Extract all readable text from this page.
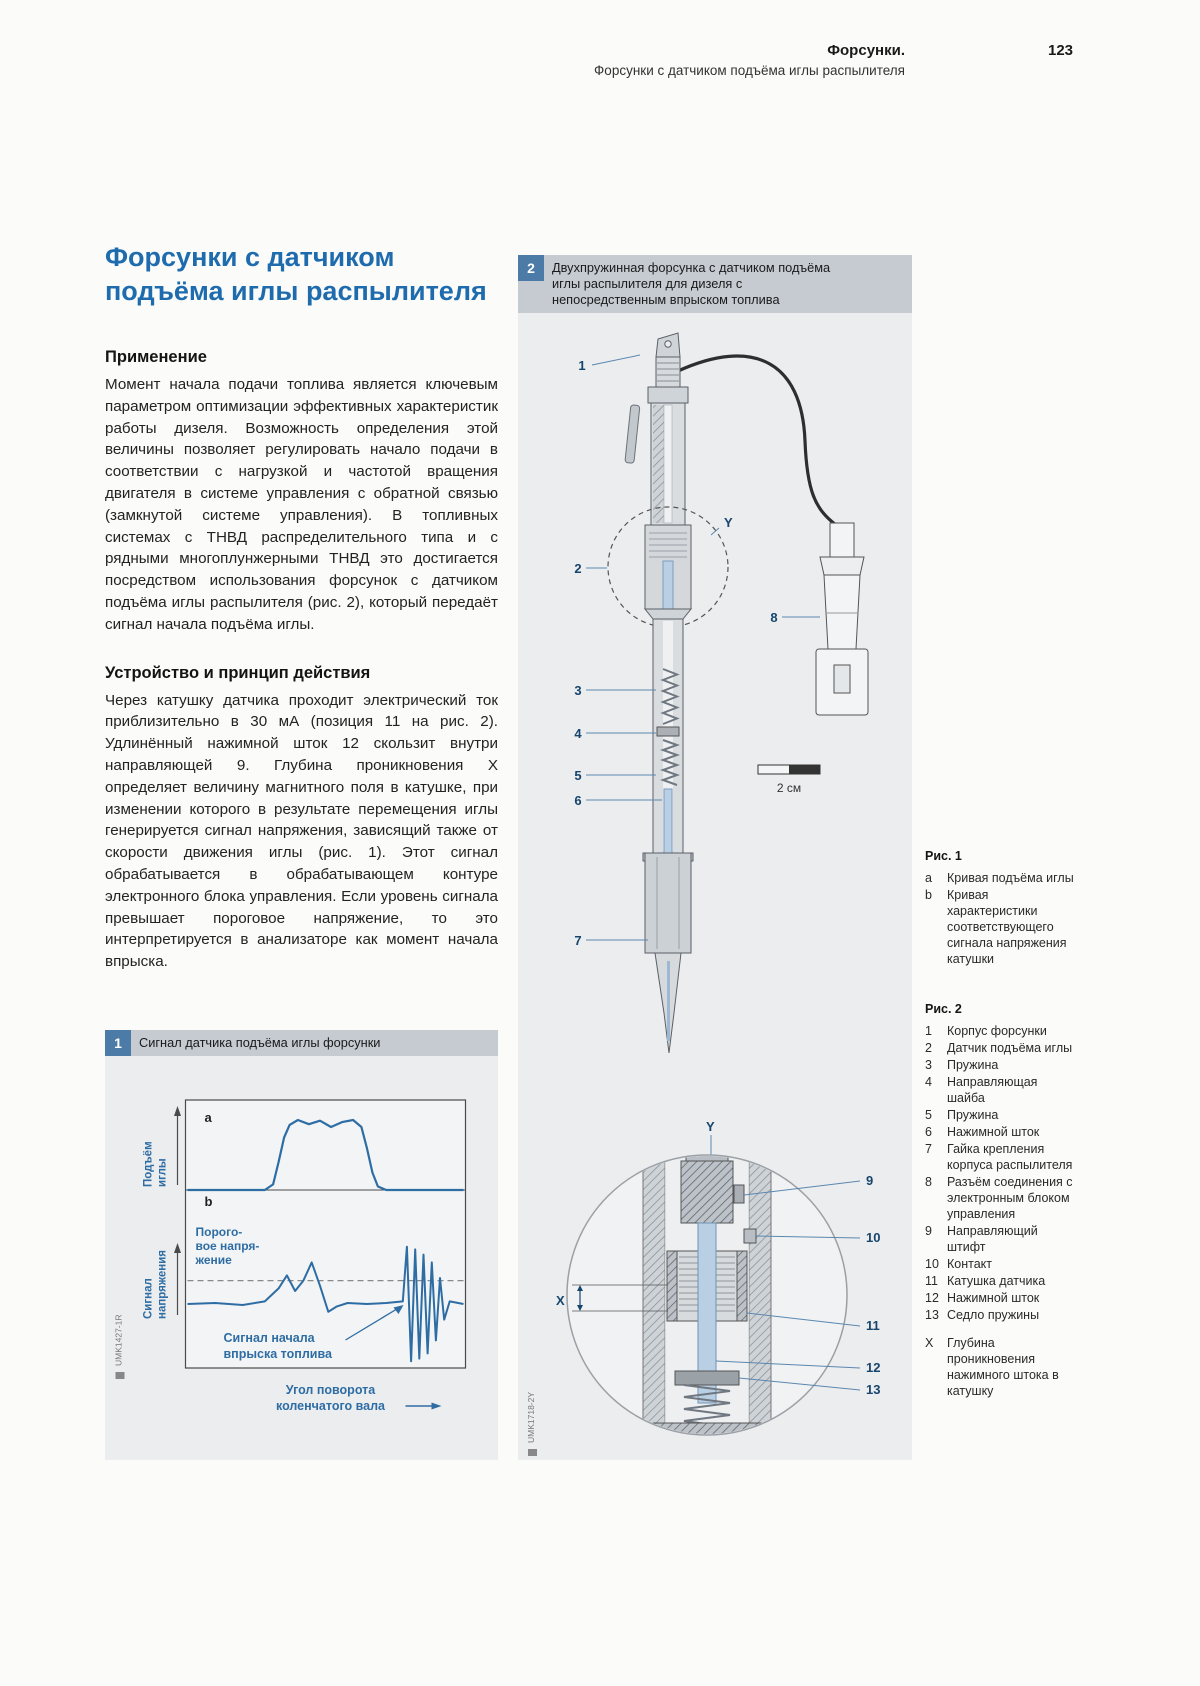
Форсунки.
Форсунки с датчиком подъёма иглы распылителя
123
Форсунки с датчиком подъёма иглы распылителя
Применение

Момент начала подачи топлива является ключевым параметром оптимизации эффективных характеристик работы дизеля. Возможность определения этой величины позволяет регулировать начало подачи в соответствии с нагрузкой и частотой вращения двигателя в системе управления с обратной связью (замкнутой системе управления). В топливных системах с ТНВД распределительного типа и с рядными многоплунжерными ТНВД это достигается посредством использования форсунок с датчиком подъёма иглы распылителя (рис. 2), который передаёт сигнал начала подъёма иглы.

Устройство и принцип действия

Через катушку датчика проходит электрический ток приблизительно в 30 мА (позиция 11 на рис. 2). Удлинённый нажимной шток 12 скользит внутри направляющей 9. Глубина проникновения X определяет величину магнитного поля в катушке, при изменении которого в результате перемещения иглы генерируется сигнал напряжения, зависящий также от скорости движения иглы (рис. 1). Этот сигнал обрабатывается в обрабатывающем контуре электронного блока управления. Если уровень сигнала превышает пороговое напряжение, то это интерпретируется в анализаторе как момент начала впрыска.

1	Сигнал датчика подъёма иглы форсунки
Подъём иглы
Сигнал напряжения
a
b
Порого-
вое напря-
жение
Сигнал начала
впрыска топлива
Угол поворота
коленчатого вала
UMK1427-1R
2	Двухпружинная форсунка с датчиком подъёма иглы распылителя для дизеля с непосредственным впрыском топлива
2 см
1
2
3
4
5
6
7
8
Y
Y
X
9
10
11
12
13
UMK1718-2Y
Рис. 1
a	Кривая подъёма иглы
b	Кривая характеристики соответствующего сигнала напряжения катушки
Рис. 2
1	Корпус форсунки
2	Датчик подъёма иглы
3	Пружина
4	Направляющая шайба
5	Пружина
6	Нажимной шток
7	Гайка крепления корпуса распылителя
8	Разъём соединения с электронным блоком управления
9	Направляющий штифт
10 Контакт
11 Катушка датчика
12 Нажимной шток
13 Седло пружины
X	Глубина проникновения нажимного штока в катушку
